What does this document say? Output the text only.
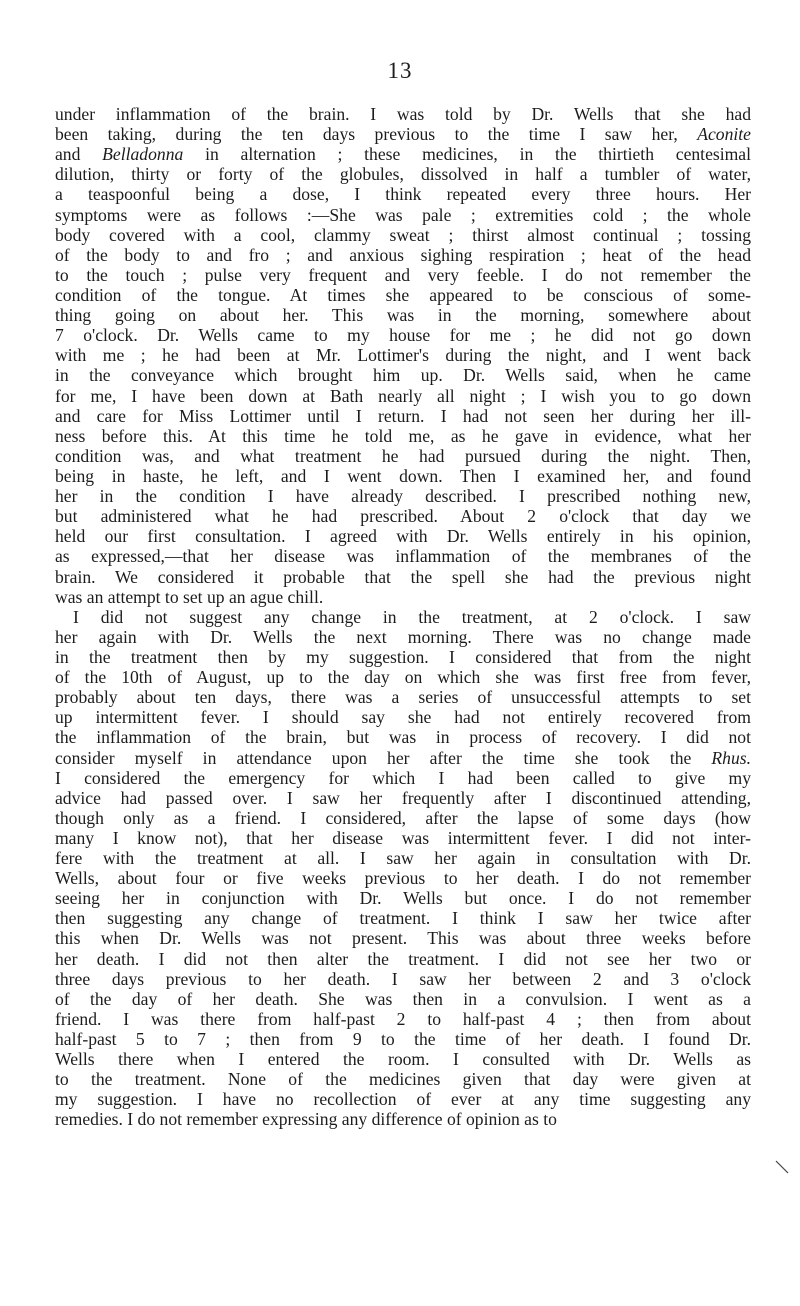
13

under inflammation of the brain. I was told by Dr. Wells that she had
been taking, during the ten days previous to the time I saw her, Aconite
and Belladonna in alternation ; these medicines, in the thirtieth centesimal
dilution, thirty or forty of the globules, dissolved in half a tumbler of water,
a teaspoonful being a dose, I think repeated every three hours. Her
symptoms were as follows :—She was pale ; extremities cold ; the whole
body covered with a cool, clammy sweat ; thirst almost continual ; tossing
of the body to and fro ; and anxious sighing respiration ; heat of the head
to the touch ; pulse very frequent and very feeble. I do not remember the
condition of the tongue. At times she appeared to be conscious of some-
thing going on about her. This was in the morning, somewhere about
7 o'clock. Dr. Wells came to my house for me ; he did not go down
with me ; he had been at Mr. Lottimer's during the night, and I went back
in the conveyance which brought him up. Dr. Wells said, when he came
for me, I have been down at Bath nearly all night ; I wish you to go down
and care for Miss Lottimer until I return. I had not seen her during her ill-
ness before this. At this time he told me, as he gave in evidence, what her
condition was, and what treatment he had pursued during the night. Then,
being in haste, he left, and I went down. Then I examined her, and found
her in the condition I have already described. I prescribed nothing new,
but administered what he had prescribed. About 2 o'clock that day we
held our first consultation. I agreed with Dr. Wells entirely in his opinion,
as expressed,—that her disease was inflammation of the membranes of the
brain. We considered it probable that the spell she had the previous night
was an attempt to set up an ague chill.

I did not suggest any change in the treatment, at 2 o'clock. I saw
her again with Dr. Wells the next morning. There was no change made
in the treatment then by my suggestion. I considered that from the night
of the 10th of August, up to the day on which she was first free from fever,
probably about ten days, there was a series of unsuccessful attempts to set
up intermittent fever. I should say she had not entirely recovered from
the inflammation of the brain, but was in process of recovery. I did not
consider myself in attendance upon her after the time she took the Rhus.
I considered the emergency for which I had been called to give my
advice had passed over. I saw her frequently after I discontinued attending,
though only as a friend. I considered, after the lapse of some days (how
many I know not), that her disease was intermittent fever. I did not inter-
fere with the treatment at all. I saw her again in consultation with Dr.
Wells, about four or five weeks previous to her death. I do not remember
seeing her in conjunction with Dr. Wells but once. I do not remember
then suggesting any change of treatment. I think I saw her twice after
this when Dr. Wells was not present. This was about three weeks before
her death. I did not then alter the treatment. I did not see her two or
three days previous to her death. I saw her between 2 and 3 o'clock
of the day of her death. She was then in a convulsion. I went as a
friend. I was there from half-past 2 to half-past 4 ; then from about
half-past 5 to 7 ; then from 9 to the time of her death. I found Dr.
Wells there when I entered the room. I consulted with Dr. Wells as
to the treatment. None of the medicines given that day were given at
my suggestion. I have no recollection of ever at any time suggesting any
remedies. I do not remember expressing any difference of opinion as to
